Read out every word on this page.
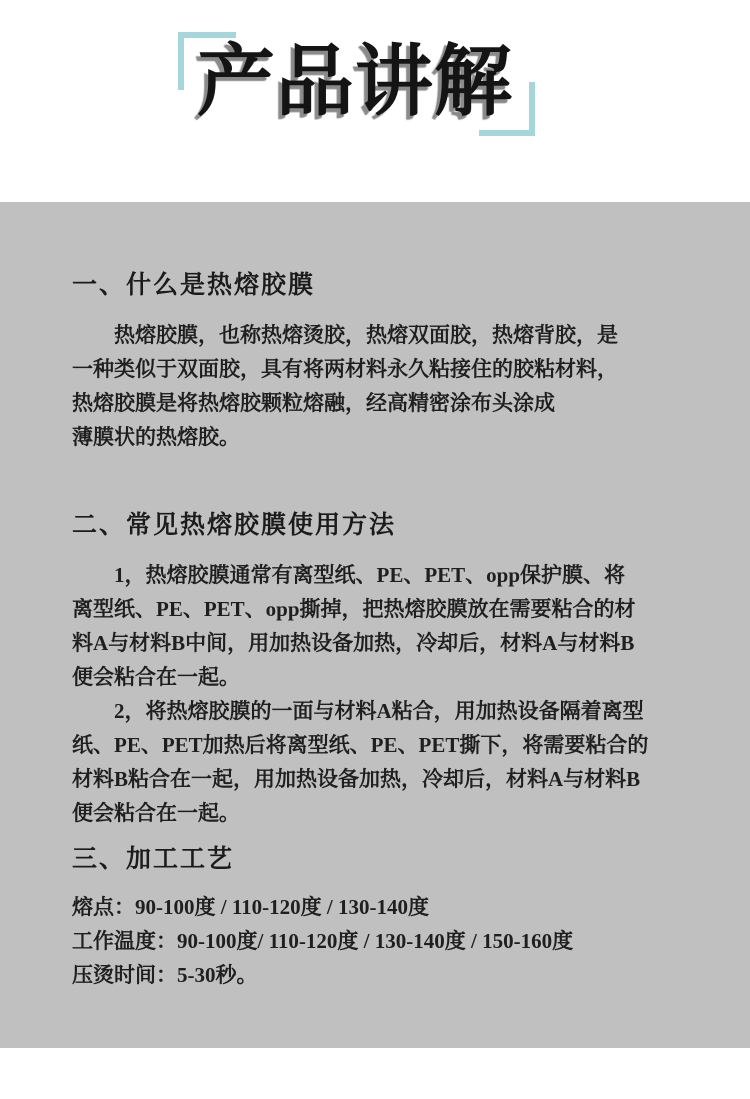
产品讲解
一、什么是热熔胶膜
热熔胶膜，也称热熔烫胶，热熔双面胶，热熔背胶，是
一种类似于双面胶，具有将两材料永久粘接住的胶粘材料，
热熔胶膜是将热熔胶颗粒熔融，经高精密涂布头涂成
薄膜状的热熔胶。
二、常见热熔胶膜使用方法
1，热熔胶膜通常有离型纸、PE、PET、opp保护膜、将
离型纸、PE、PET、opp撕掉，把热熔胶膜放在需要粘合的材
料A与材料B中间，用加热设备加热，冷却后，材料A与材料B
便会粘合在一起。
2，将热熔胶膜的一面与材料A粘合，用加热设备隔着离型
纸、PE、PET加热后将离型纸、PE、PET撕下，将需要粘合的
材料B粘合在一起，用加热设备加热，冷却后，材料A与材料B
便会粘合在一起。
三、加工工艺
熔点：90-100度 / 110-120度 / 130-140度
工作温度：90-100度/ 110-120度 / 130-140度 / 150-160度
压烫时间：5-30秒。
